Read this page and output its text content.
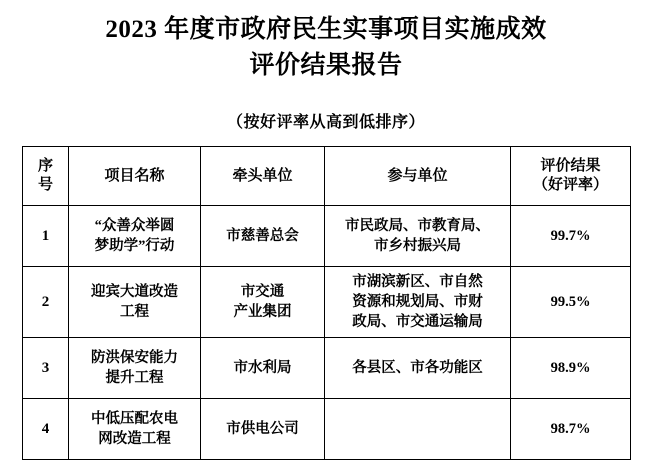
2023 年度市政府民生实事项目实施成效
评价结果报告
（按好评率从高到低排序）
序
号	项目名称	牵头单位	参与单位	评价结果
（好评率）

1	“众善众举圆
梦助学”行动	市慈善总会	市民政局、市教育局、
市乡村振兴局	99.7%
2	迎宾大道改造
工程	市交通
产业集团	市湖滨新区、市自然
资源和规划局、市财
政局、市交通运输局	99.5%
3	防洪保安能力
提升工程	市水利局	各县区、市各功能区	98.9%
4	中低压配农电
网改造工程	市供电公司		98.7%
